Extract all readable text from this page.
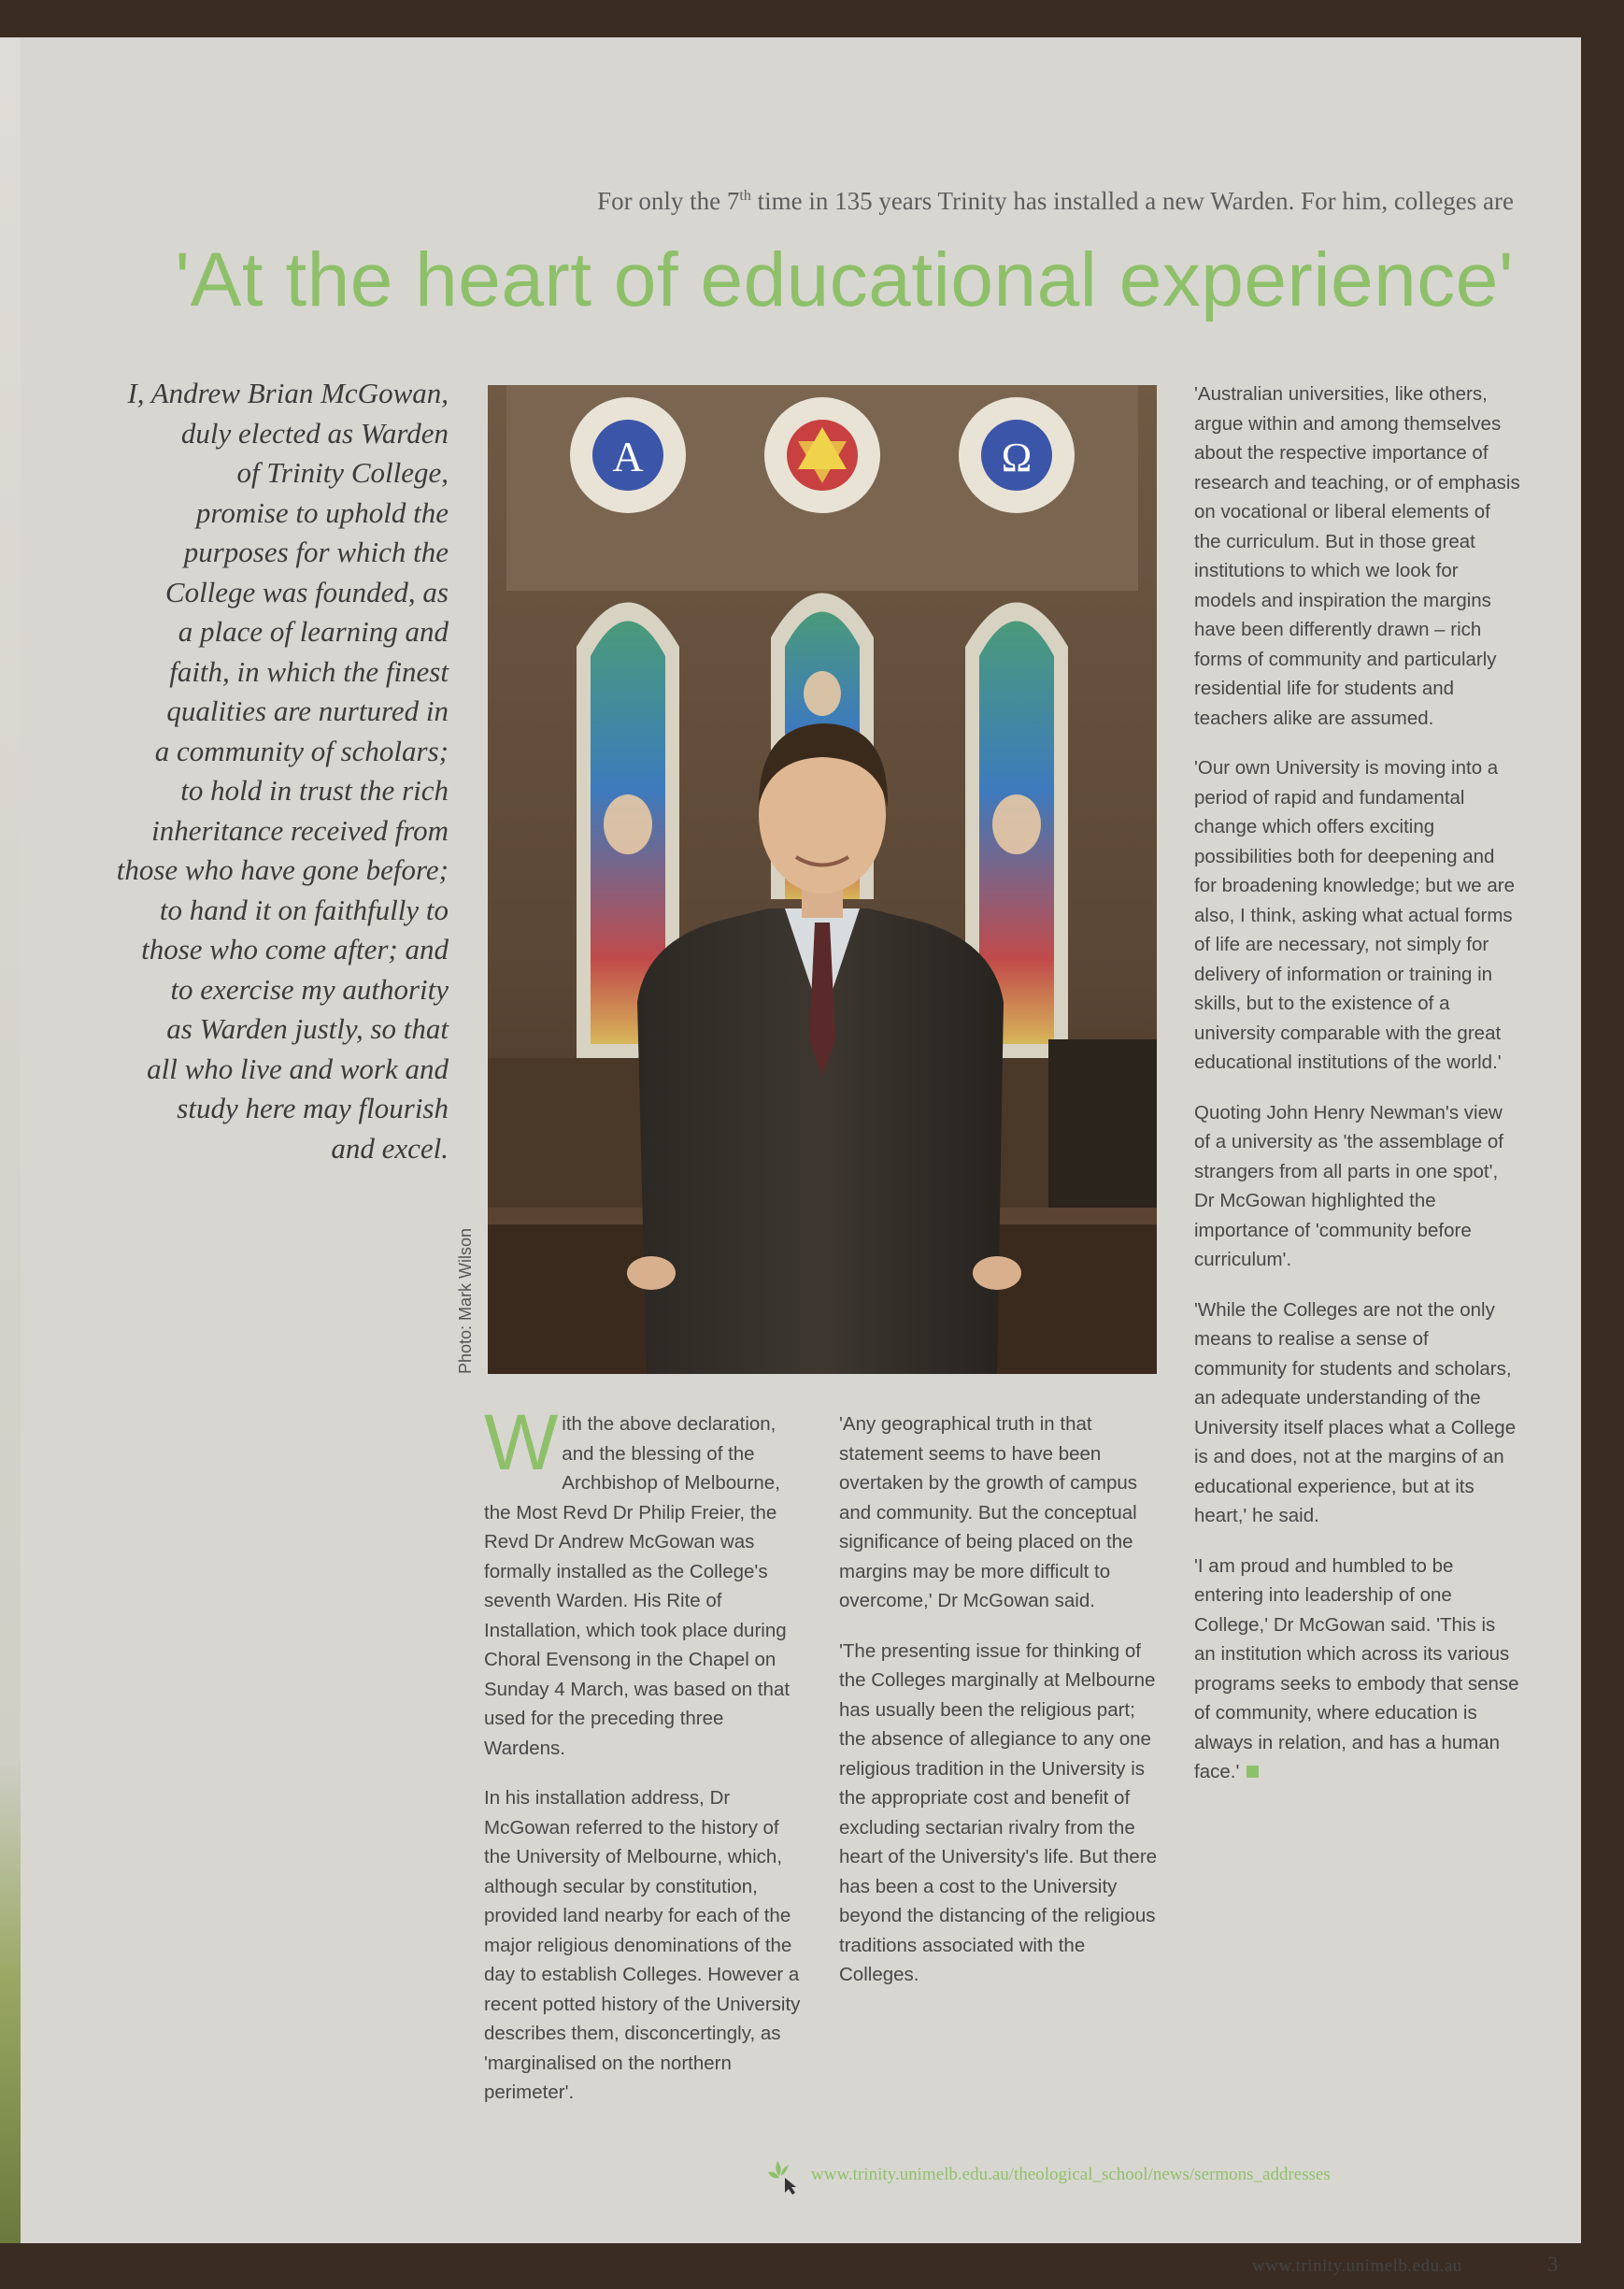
For only the 7th time in 135 years Trinity has installed a new Warden. For him, colleges are
'At the heart of educational experience'
I, Andrew Brian McGowan,
duly elected as Warden
of Trinity College,
promise to uphold the
purposes for which the
College was founded, as
a place of learning and
faith, in which the finest
qualities are nurtured in
a community of scholars;
to hold in trust the rich
inheritance received from
those who have gone before;
to hand it on faithfully to
those who come after; and
to exercise my authority
as Warden justly, so that
all who live and work and
study here may flourish
and excel.
A	Ω
Photo: Mark Wilson

With the above declaration, and the blessing of the Archbishop of Melbourne, the Most Revd Dr Philip Freier, the Revd Dr Andrew McGowan was formally installed as the College's seventh Warden. His Rite of Installation, which took place during Choral Evensong in the Chapel on Sunday 4 March, was based on that used for the preceding three Wardens.

In his installation address, Dr McGowan referred to the history of the University of Melbourne, which, although secular by constitution, provided land nearby for each of the major religious denominations of the day to establish Colleges. However a recent potted history of the University describes them, disconcertingly, as 'marginalised on the northern perimeter'.

'Any geographical truth in that statement seems to have been overtaken by the growth of campus and community. But the conceptual significance of being placed on the margins may be more difficult to overcome,' Dr McGowan said.

'The presenting issue for thinking of the Colleges marginally at Melbourne has usually been the religious part; the absence of allegiance to any one religious tradition in the University is the appropriate cost and benefit of excluding sectarian rivalry from the heart of the University's life. But there has been a cost to the University beyond the distancing of the religious traditions associated with the Colleges.

'Australian universities, like others, argue within and among themselves about the respective importance of research and teaching, or of emphasis on vocational or liberal elements of the curriculum. But in those great institutions to which we look for models and inspiration the margins have been differently drawn – rich forms of community and particularly residential life for students and teachers alike are assumed.

'Our own University is moving into a period of rapid and fundamental change which offers exciting possibilities both for deepening and for broadening knowledge; but we are also, I think, asking what actual forms of life are necessary, not simply for delivery of information or training in skills, but to the existence of a university comparable with the great educational institutions of the world.'

Quoting John Henry Newman's view of a university as 'the assemblage of strangers from all parts in one spot', Dr McGowan highlighted the importance of 'community before curriculum'.

'While the Colleges are not the only means to realise a sense of community for students and scholars, an adequate understanding of the University itself places what a College is and does, not at the margins of an educational experience, but at its heart,' he said.

'I am proud and humbled to be entering into leadership of one College,' Dr McGowan said. 'This is an institution which across its various programs seeks to embody that sense of community, where education is always in relation, and has a human face.'

www.trinity.unimelb.edu.au/theological_school/news/sermons_addresses
www.trinity.unimelb.edu.au	3
